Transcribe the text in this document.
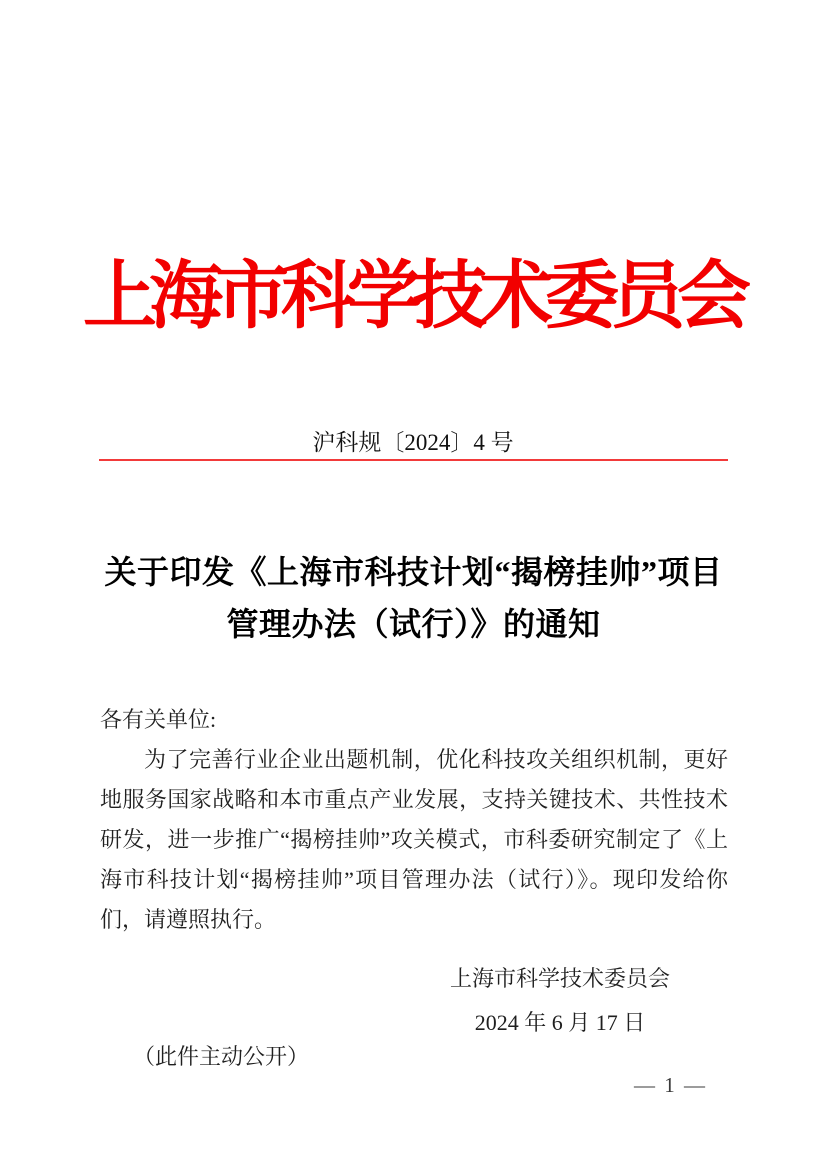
上海市科学技术委员会
沪科规〔2024〕4 号
关于印发《上海市科技计划“揭榜挂帅”项目
管理办法（试行）》的通知
各有关单位:

为了完善行业企业出题机制，优化科技攻关组织机制，更好地服务国家战略和本市重点产业发展，支持关键技术、共性技术研发，进一步推广“揭榜挂帅”攻关模式，市科委研究制定了《上海市科技计划“揭榜挂帅”项目管理办法（试行）》。现印发给你们，请遵照执行。

上海市科学技术委员会
2024 年 6 月 17 日
（此件主动公开）
— 1 —
